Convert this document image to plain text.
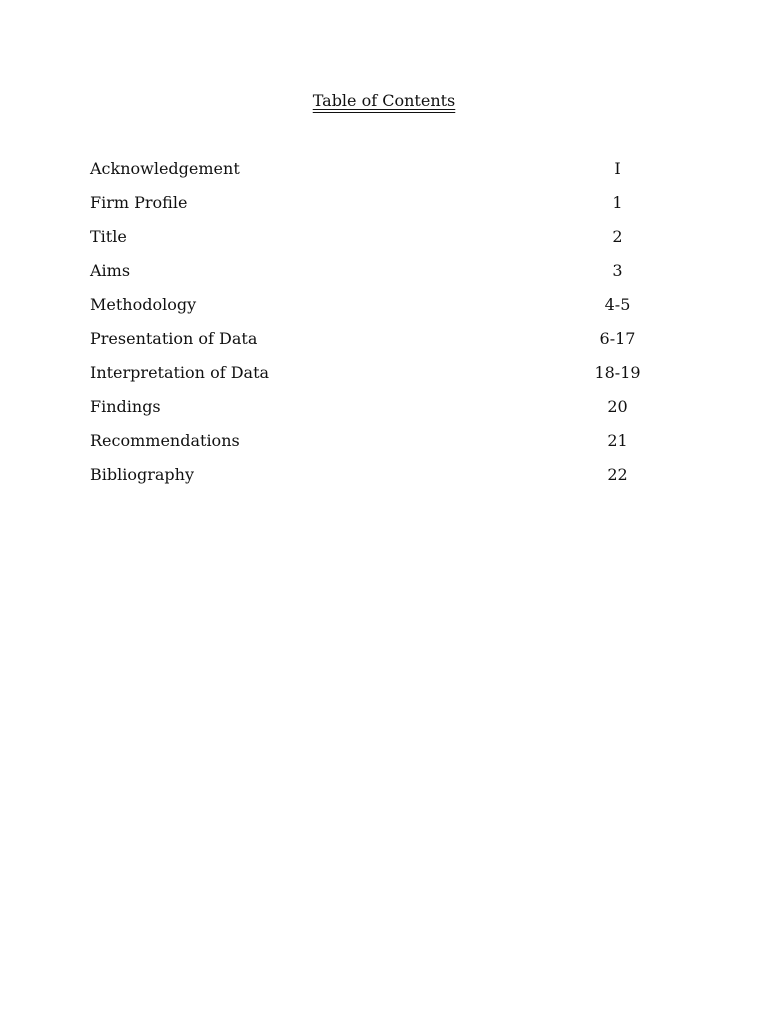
Table of Contents
Acknowledgement	I
Firm Profile	1
Title	2
Aims	3
Methodology	4-5
Presentation of Data	6-17
Interpretation of Data	18-19
Findings	20
Recommendations	21
Bibliography	22
